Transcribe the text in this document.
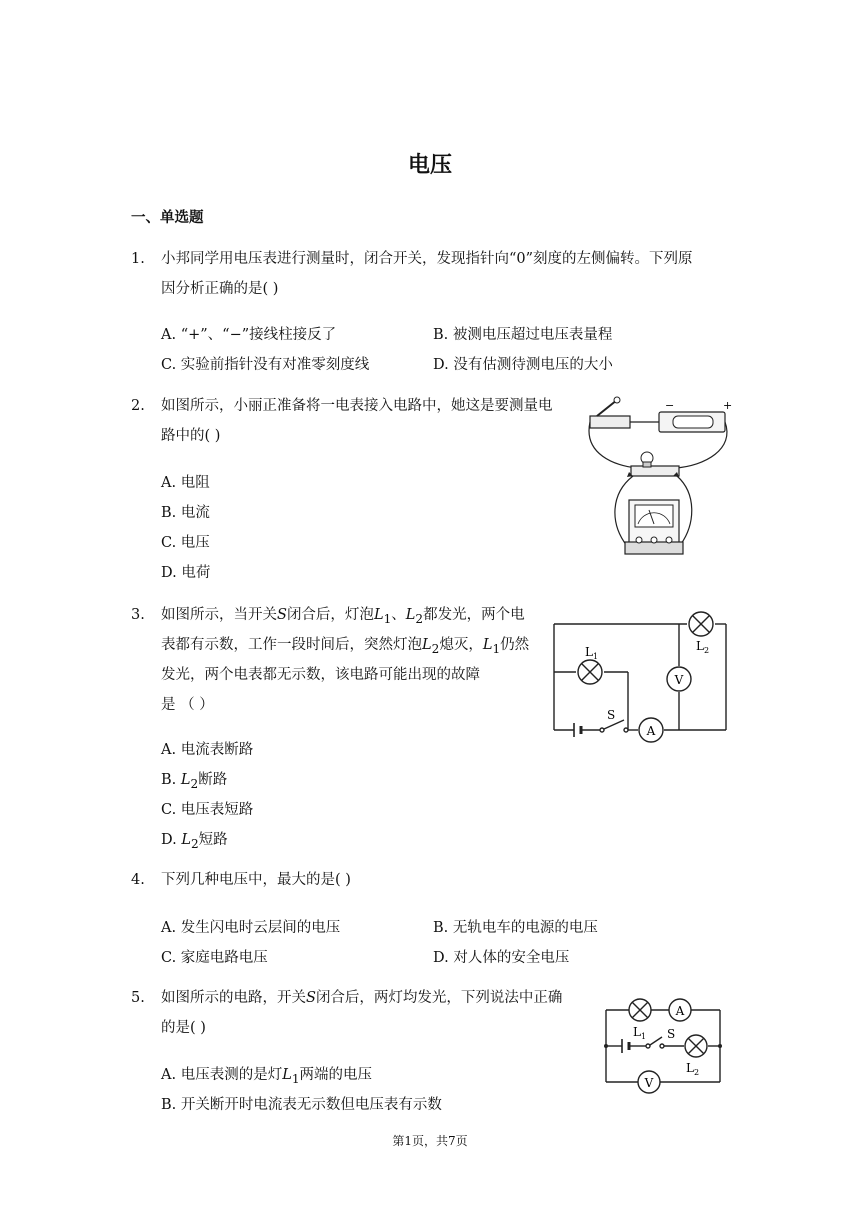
电压
一、单选题
1. 小邦同学用电压表进行测量时，闭合开关，发现指针向“0”刻度的左侧偏转。下列原
因分析正确的是( )
A. “+”、“−”接线柱接反了	B. 被测电压超过电压表量程
C. 实验前指针没有对准零刻度线	D. 没有估测待测电压的大小
2. 如图所示，小丽正准备将一电表接入电路中，她这是要测量电
路中的( )
A. 电阻
B. 电流
C. 电压
D. 电荷
−	+
3. 如图所示，当开关S闭合后，灯泡$L_1$、$L_2$都发光，两个电
表都有示数，工作一段时间后，突然灯泡$L_2$熄灭，$L_1$仍然
发光，两个电表都无示数，该电路可能出现的故障
是 （ ）
A. 电流表断路
B. $L_2$断路
C. 电压表短路
D. $L_2$短路
V
A
L 1
L 2
S
4. 下列几种电压中，最大的是( )
A. 发生闪电时云层间的电压	B. 无轨电车的电源的电压
C. 家庭电路电压	D. 对人体的安全电压
5. 如图所示的电路，开关S闭合后，两灯均发光，下列说法中正确
的是( )
A. 电压表测的是灯$L_1$两端的电压
B. 开关断开时电流表无示数但电压表有示数
A
V
L 1 S
L 2
第1页，共7页
